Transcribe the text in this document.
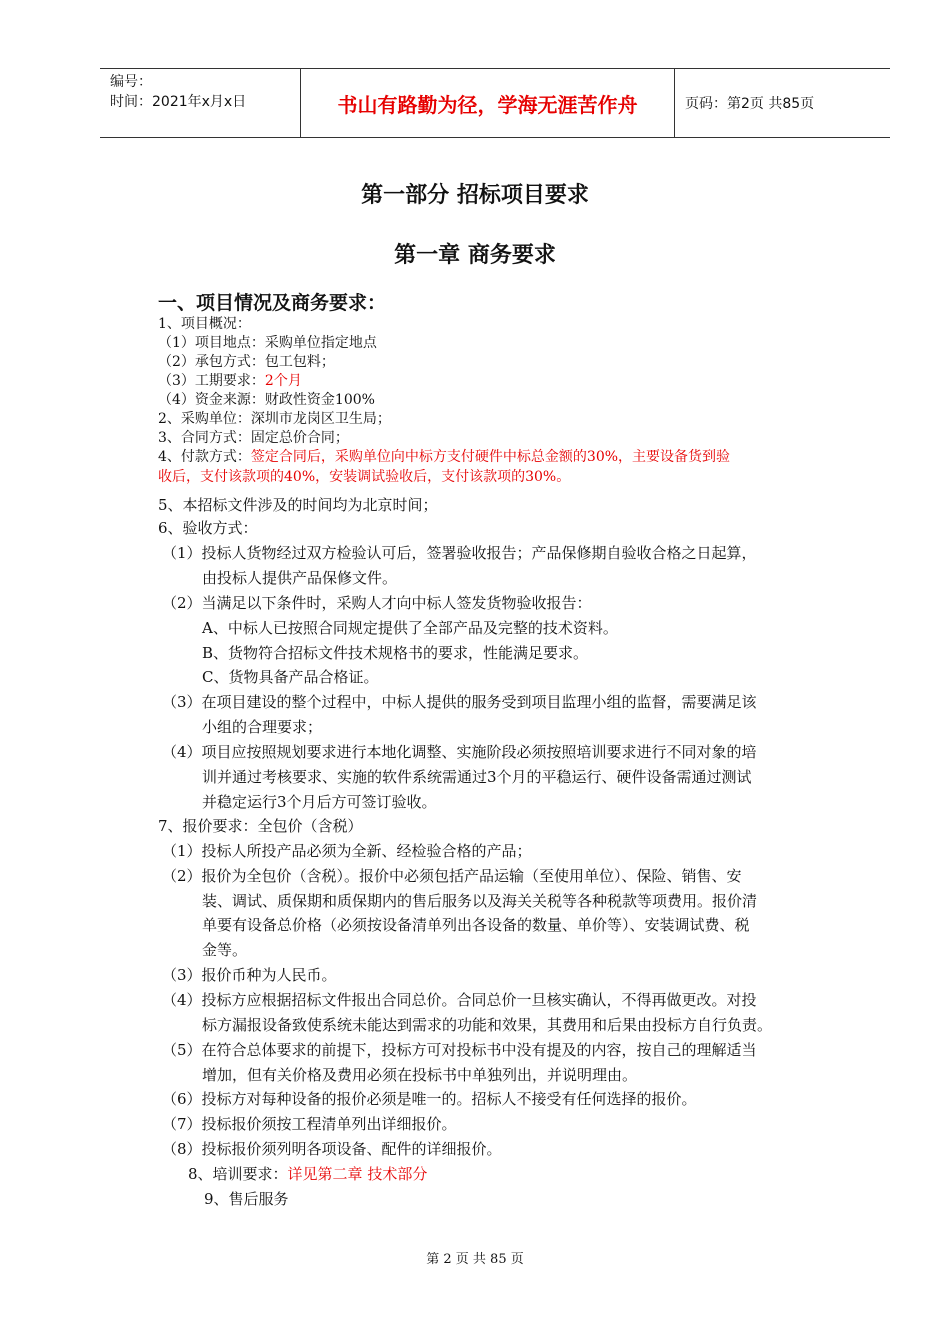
编号：
时间：2021年x月x日	书山有路勤为径，学海无涯苦作舟	页码：第2页 共85页
第一部分 招标项目要求
第一章 商务要求
一、项目情况及商务要求：
1、项目概况：
（1）项目地点：采购单位指定地点
（2）承包方式：包工包料；
（3）工期要求：2个月
（4）资金来源：财政性资金100%
2、采购单位：深圳市龙岗区卫生局；
3、合同方式：固定总价合同；
4、付款方式：签定合同后，采购单位向中标方支付硬件中标总金额的30%，主要设备货到验
收后，支付该款项的40%，安装调试验收后，支付该款项的30%。
5、本招标文件涉及的时间均为北京时间；
6、验收方式：
（1）投标人货物经过双方检验认可后，签署验收报告；产品保修期自验收合格之日起算，
由投标人提供产品保修文件。
（2）当满足以下条件时，采购人才向中标人签发货物验收报告：
A、中标人已按照合同规定提供了全部产品及完整的技术资料。
B、货物符合招标文件技术规格书的要求，性能满足要求。
C、货物具备产品合格证。
（3）在项目建设的整个过程中，中标人提供的服务受到项目监理小组的监督，需要满足该
小组的合理要求；
（4）项目应按照规划要求进行本地化调整、实施阶段必须按照培训要求进行不同对象的培
训并通过考核要求、实施的软件系统需通过3个月的平稳运行、硬件设备需通过测试
并稳定运行3个月后方可签订验收。
7、报价要求：全包价（含税）
（1）投标人所投产品必须为全新、经检验合格的产品；
（2）报价为全包价（含税）。报价中必须包括产品运输（至使用单位）、保险、销售、安
装、调试、质保期和质保期内的售后服务以及海关关税等各种税款等项费用。报价清
单要有设备总价格（必须按设备清单列出各设备的数量、单价等）、安装调试费、税
金等。
（3）报价币种为人民币。
（4）投标方应根据招标文件报出合同总价。合同总价一旦核实确认，不得再做更改。对投
标方漏报设备致使系统未能达到需求的功能和效果，其费用和后果由投标方自行负责。
（5）在符合总体要求的前提下，投标方可对投标书中没有提及的内容，按自己的理解适当
增加，但有关价格及费用必须在投标书中单独列出，并说明理由。
（6）投标方对每种设备的报价必须是唯一的。招标人不接受有任何选择的报价。
（7）投标报价须按工程清单列出详细报价。
（8）投标报价须列明各项设备、配件的详细报价。
8、培训要求：详见第二章 技术部分
9、售后服务
第 2 页 共 85 页
